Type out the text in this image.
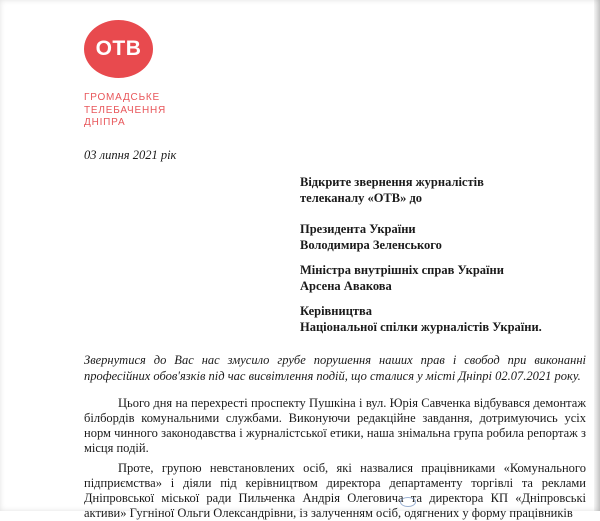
ОТВ
ГРОМАДСЬКЕ
ТЕЛЕБАЧЕННЯ
ДНІПРА
03 липня 2021 рік
Відкрите звернення журналістів
телеканалу «ОТВ» до
Президента України
Володимира Зеленського
Міністра внутрішніх справ України
Арсена Авакова
Керівництва
Національної спілки журналістів України.
Звернутися до Вас нас змусило грубе порушення наших прав і свобод при виконанні професійних обов'язків під час висвітлення подій, що сталися у місті Дніпрі 02.07.2021 року.
Цього дня на перехресті проспекту Пушкіна і вул. Юрія Савченка відбувався демонтаж білбордів комунальними службами. Виконуючи редакційне завдання, дотримуючись усіх норм чинного законодавства і журналістської етики, наша знімальна група робила репортаж з місця подій.
Проте, групою невстановлених осіб, які назвалися працівниками «Комунального підприємства» і діяли під керівництвом директора департаменту торгівлі та реклами Дніпровської міської ради Пильченка Андрія Олеговича та директора КП «Дніпровські активи» Гугніної Ольги Олександрівни, із залученням осіб, одягнених у форму працівників
